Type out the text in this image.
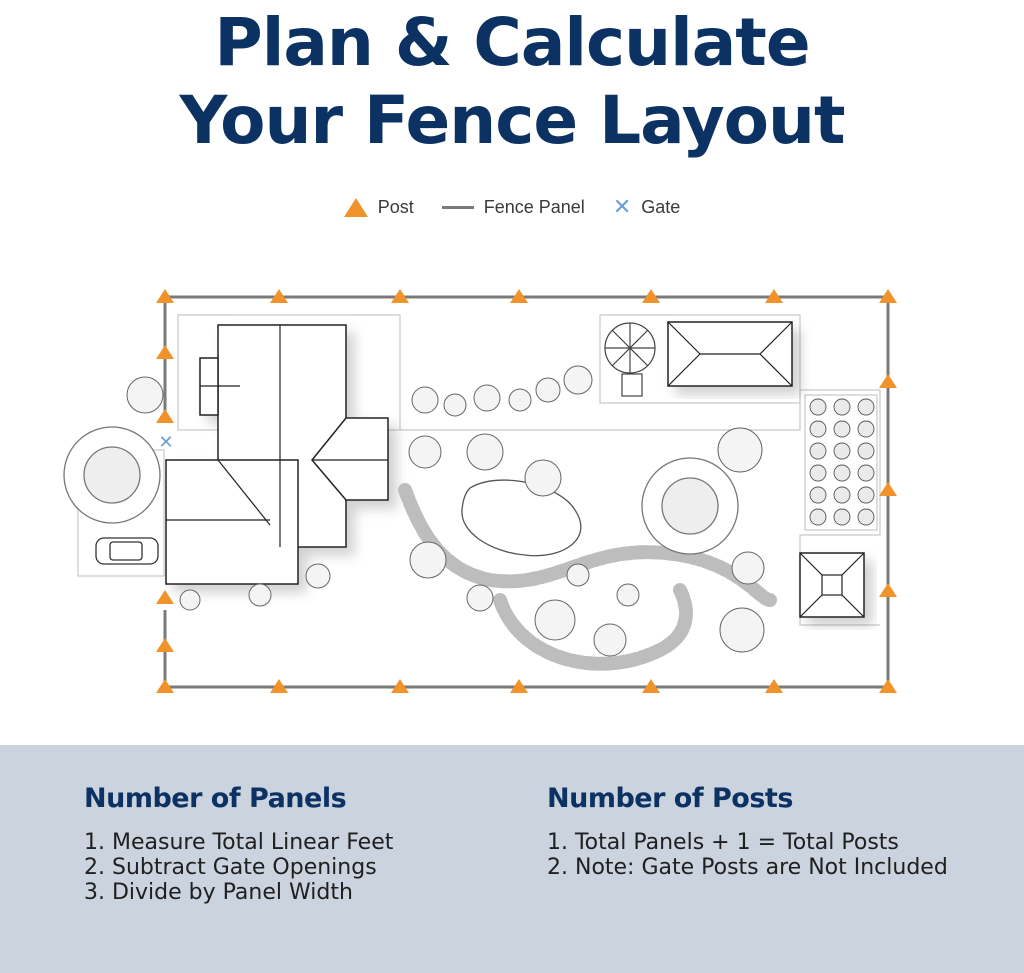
Plan & Calculate
Your Fence Layout
Post	Fence Panel ✕ Gate
✕
Number of Panels
1. Measure Total Linear Feet
2. Subtract Gate Openings
3. Divide by Panel Width
Number of Posts
1. Total Panels + 1 = Total Posts
2. Note: Gate Posts are Not Included
